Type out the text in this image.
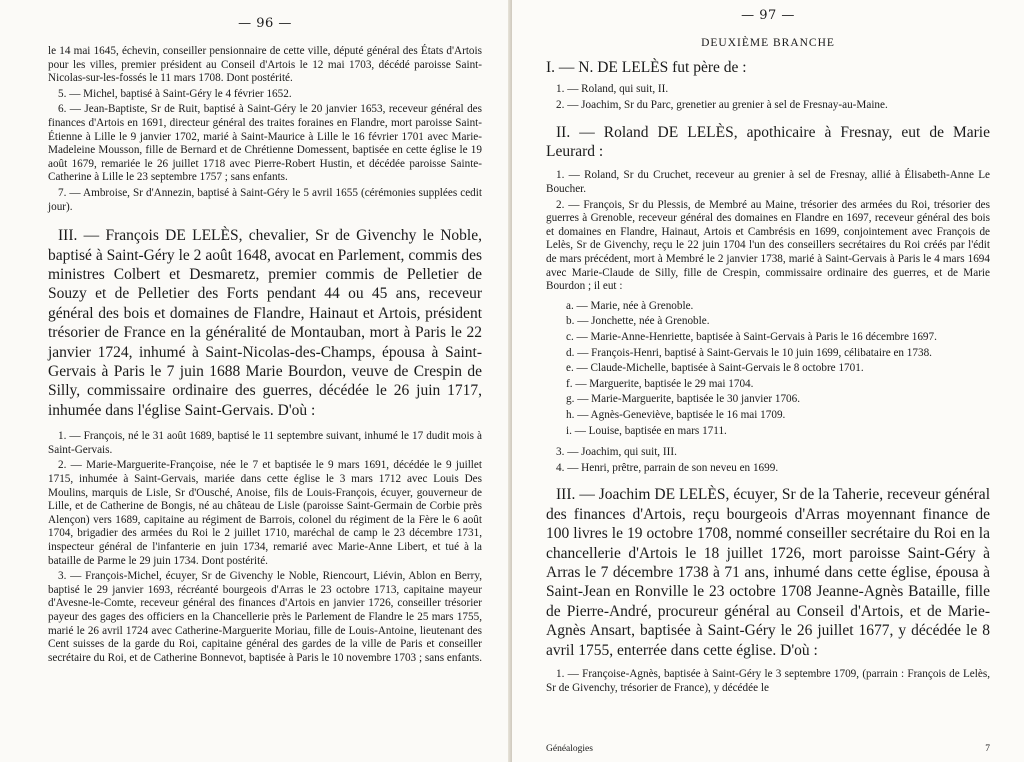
— 96 —

le 14 mai 1645, échevin, conseiller pensionnaire de cette ville, député général des États d'Artois pour les villes, premier président au Conseil d'Artois le 12 mai 1703, décédé paroisse Saint-Nicolas-sur-les-fossés le 11 mars 1708. Dont postérité.

5. — Michel, baptisé à Saint-Géry le 4 février 1652.

6. — Jean-Baptiste, Sr de Ruit, baptisé à Saint-Géry le 20 janvier 1653, receveur général des finances d'Artois en 1691, directeur général des traites foraines en Flandre, mort paroisse Saint-Étienne à Lille le 9 janvier 1702, marié à Saint-Maurice à Lille le 16 février 1701 avec Marie-Madeleine Mousson, fille de Bernard et de Chrétienne Domessent, baptisée en cette église le 19 août 1679, remariée le 26 juillet 1718 avec Pierre-Robert Hustin, et décédée paroisse Sainte-Catherine à Lille le 23 septembre 1757 ; sans enfants.

7. — Ambroise, Sr d'Annezin, baptisé à Saint-Géry le 5 avril 1655 (cérémonies supplées cedit jour).

III. — François DE LELÈS, chevalier, Sr de Givenchy le Noble, baptisé à Saint-Géry le 2 août 1648, avocat en Parlement, commis des ministres Colbert et Desmaretz, premier commis de Pelletier de Souzy et de Pelletier des Forts pendant 44 ou 45 ans, receveur général des bois et domaines de Flandre, Hainaut et Artois, président trésorier de France en la généralité de Montauban, mort à Paris le 22 janvier 1724, inhumé à Saint-Nicolas-des-Champs, épousa à Saint-Gervais à Paris le 7 juin 1688 Marie Bourdon, veuve de Crespin de Silly, commissaire ordinaire des guerres, décédée le 26 juin 1717, inhumée dans l'église Saint-Gervais. D'où :

1. — François, né le 31 août 1689, baptisé le 11 septembre suivant, inhumé le 17 dudit mois à Saint-Gervais.

2. — Marie-Marguerite-Françoise, née le 7 et baptisée le 9 mars 1691, décédée le 9 juillet 1715, inhumée à Saint-Gervais, mariée dans cette église le 3 mars 1712 avec Louis Des Moulins, marquis de Lisle, Sr d'Ousché, Anoise, fils de Louis-François, écuyer, gouverneur de Lille, et de Catherine de Bongis, né au château de Lisle (paroisse Saint-Germain de Corbie près Alençon) vers 1689, capitaine au régiment de Barrois, colonel du régiment de la Fère le 6 août 1704, brigadier des armées du Roi le 2 juillet 1710, maréchal de camp le 23 décembre 1731, inspecteur général de l'infanterie en juin 1734, remarié avec Marie-Anne Libert, et tué à la bataille de Parme le 29 juin 1734. Dont postérité.

3. — François-Michel, écuyer, Sr de Givenchy le Noble, Riencourt, Liévin, Ablon en Berry, baptisé le 29 janvier 1693, récréanté bourgeois d'Arras le 23 octobre 1713, capitaine mayeur d'Avesne-le-Comte, receveur général des finances d'Artois en janvier 1726, conseiller trésorier payeur des gages des officiers en la Chancellerie près le Parlement de Flandre le 25 mars 1755, marié le 26 avril 1724 avec Catherine-Marguerite Moriau, fille de Louis-Antoine, lieutenant des Cent suisses de la garde du Roi, capitaine général des gardes de la ville de Paris et conseiller secrétaire du Roi, et de Catherine Bonnevot, baptisée à Paris le 10 novembre 1703 ; sans enfants.

— 97 —
DEUXIÈME BRANCHE

I. — N. DE LELÈS fut père de :

1. — Roland, qui suit, II.

2. — Joachim, Sr du Parc, grenetier au grenier à sel de Fresnay-au-Maine.

II. — Roland DE LELÈS, apothicaire à Fresnay, eut de Marie Leurard :

1. — Roland, Sr du Cruchet, receveur au grenier à sel de Fresnay, allié à Élisabeth-Anne Le Boucher.

2. — François, Sr du Plessis, de Membré au Maine, trésorier des armées du Roi, trésorier des guerres à Grenoble, receveur général des domaines en Flandre en 1697, receveur général des bois et domaines en Flandre, Hainaut, Artois et Cambrésis en 1699, conjointement avec François de Lelès, Sr de Givenchy, reçu le 22 juin 1704 l'un des conseillers secrétaires du Roi créés par l'édit de mars précédent, mort à Membré le 2 janvier 1738, marié à Saint-Gervais à Paris le 4 mars 1694 avec Marie-Claude de Silly, fille de Crespin, commissaire ordinaire des guerres, et de Marie Bourdon ; il eut :

a. — Marie, née à Grenoble.

b. — Jonchette, née à Grenoble.

c. — Marie-Anne-Henriette, baptisée à Saint-Gervais à Paris le 16 décembre 1697.

d. — François-Henri, baptisé à Saint-Gervais le 10 juin 1699, célibataire en 1738.

e. — Claude-Michelle, baptisée à Saint-Gervais le 8 octobre 1701.

f. — Marguerite, baptisée le 29 mai 1704.

g. — Marie-Marguerite, baptisée le 30 janvier 1706.

h. — Agnès-Geneviève, baptisée le 16 mai 1709.

i. — Louise, baptisée en mars 1711.

3. — Joachim, qui suit, III.

4. — Henri, prêtre, parrain de son neveu en 1699.

III. — Joachim DE LELÈS, écuyer, Sr de la Taherie, receveur général des finances d'Artois, reçu bourgeois d'Arras moyennant finance de 100 livres le 19 octobre 1708, nommé conseiller secrétaire du Roi en la chancellerie d'Artois le 18 juillet 1726, mort paroisse Saint-Géry à Arras le 7 décembre 1738 à 71 ans, inhumé dans cette église, épousa à Saint-Jean en Ronville le 23 octobre 1708 Jeanne-Agnès Bataille, fille de Pierre-André, procureur général au Conseil d'Artois, et de Marie-Agnès Ansart, baptisée à Saint-Géry le 26 juillet 1677, y décédée le 8 avril 1755, enterrée dans cette église. D'où :

1. — Françoise-Agnès, baptisée à Saint-Géry le 3 septembre 1709, (parrain : François de Lelès, Sr de Givenchy, trésorier de France), y décédée le

Généalogies	7
